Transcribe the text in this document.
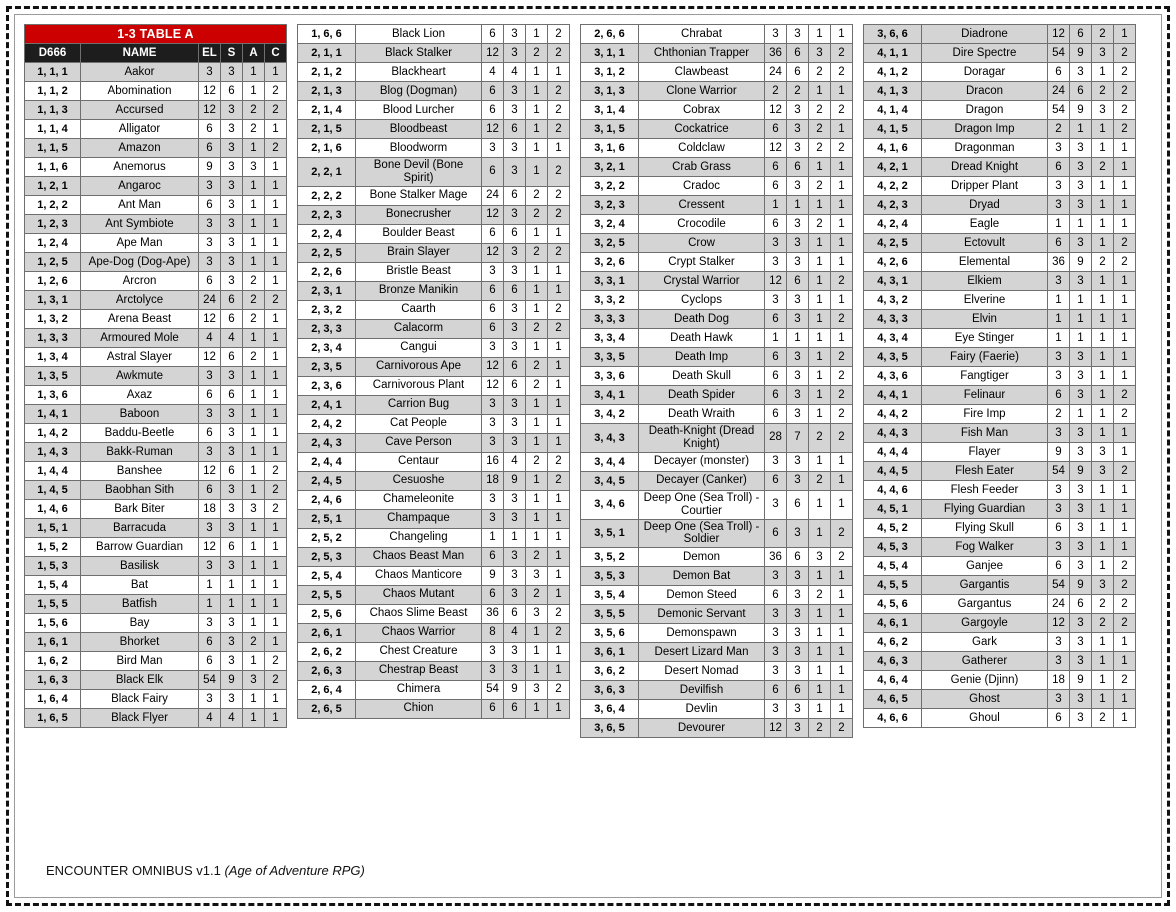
1-3 TABLE A					
D666	NAME	EL	S	A	C
1, 1, 1	Aakor	3	3	1	1
1, 1, 2	Abomination	12	6	1	2
1, 1, 3	Accursed	12	3	2	2
1, 1, 4	Alligator	6	3	2	1
1, 1, 5	Amazon	6	3	1	2
1, 1, 6	Anemorus	9	3	3	1
1, 2, 1	Angaroc	3	3	1	1
1, 2, 2	Ant Man	6	3	1	1
1, 2, 3	Ant Symbiote	3	3	1	1
1, 2, 4	Ape Man	3	3	1	1
1, 2, 5	Ape-Dog (Dog-Ape)	3	3	1	1
1, 2, 6	Arcron	6	3	2	1
1, 3, 1	Arctolyce	24	6	2	2
1, 3, 2	Arena Beast	12	6	2	1
1, 3, 3	Armoured Mole	4	4	1	1
1, 3, 4	Astral Slayer	12	6	2	1
1, 3, 5	Awkmute	3	3	1	1
1, 3, 6	Axaz	6	6	1	1
1, 4, 1	Baboon	3	3	1	1
1, 4, 2	Baddu-Beetle	6	3	1	1
1, 4, 3	Bakk-Ruman	3	3	1	1
1, 4, 4	Banshee	12	6	1	2
1, 4, 5	Baobhan Sith	6	3	1	2
1, 4, 6	Bark Biter	18	3	3	2
1, 5, 1	Barracuda	3	3	1	1
1, 5, 2	Barrow Guardian	12	6	1	1
1, 5, 3	Basilisk	3	3	1	1
1, 5, 4	Bat	1	1	1	1
1, 5, 5	Batfish	1	1	1	1
1, 5, 6	Bay	3	3	1	1
1, 6, 1	Bhorket	6	3	2	1
1, 6, 2	Bird Man	6	3	1	2
1, 6, 3	Black Elk	54	9	3	2
1, 6, 4	Black Fairy	3	3	1	1
1, 6, 5	Black Flyer	4	4	1	1
1, 6, 6	Black Lion	6	3	1	2
2, 1, 1	Black Stalker	12	3	2	2
2, 1, 2	Blackheart	4	4	1	1
2, 1, 3	Blog (Dogman)	6	3	1	2
2, 1, 4	Blood Lurcher	6	3	1	2
2, 1, 5	Bloodbeast	12	6	1	2
2, 1, 6	Bloodworm	3	3	1	1
2, 2, 1	Bone Devil (Bone Spirit)	6	3	1	2
2, 2, 2	Bone Stalker Mage	24	6	2	2
2, 2, 3	Bonecrusher	12	3	2	2
2, 2, 4	Boulder Beast	6	6	1	1
2, 2, 5	Brain Slayer	12	3	2	2
2, 2, 6	Bristle Beast	3	3	1	1
2, 3, 1	Bronze Manikin	6	6	1	1
2, 3, 2	Caarth	6	3	1	2
2, 3, 3	Calacorm	6	3	2	2
2, 3, 4	Cangui	3	3	1	1
2, 3, 5	Carnivorous Ape	12	6	2	1
2, 3, 6	Carnivorous Plant	12	6	2	1
2, 4, 1	Carrion Bug	3	3	1	1
2, 4, 2	Cat People	3	3	1	1
2, 4, 3	Cave Person	3	3	1	1
2, 4, 4	Centaur	16	4	2	2
2, 4, 5	Cesuoshe	18	9	1	2
2, 4, 6	Chameleonite	3	3	1	1
2, 5, 1	Champaque	3	3	1	1
2, 5, 2	Changeling	1	1	1	1
2, 5, 3	Chaos Beast Man	6	3	2	1
2, 5, 4	Chaos Manticore	9	3	3	1
2, 5, 5	Chaos Mutant	6	3	2	1
2, 5, 6	Chaos Slime Beast	36	6	3	2
2, 6, 1	Chaos Warrior	8	4	1	2
2, 6, 2	Chest Creature	3	3	1	1
2, 6, 3	Chestrap Beast	3	3	1	1
2, 6, 4	Chimera	54	9	3	2
2, 6, 5	Chion	6	6	1	1
2, 6, 6	Chrabat	3	3	1	1
3, 1, 1	Chthonian Trapper	36	6	3	2
3, 1, 2	Clawbeast	24	6	2	2
3, 1, 3	Clone Warrior	2	2	1	1
3, 1, 4	Cobrax	12	3	2	2
3, 1, 5	Cockatrice	6	3	2	1
3, 1, 6	Coldclaw	12	3	2	2
3, 2, 1	Crab Grass	6	6	1	1
3, 2, 2	Cradoc	6	3	2	1
3, 2, 3	Cressent	1	1	1	1
3, 2, 4	Crocodile	6	3	2	1
3, 2, 5	Crow	3	3	1	1
3, 2, 6	Crypt Stalker	3	3	1	1
3, 3, 1	Crystal Warrior	12	6	1	2
3, 3, 2	Cyclops	3	3	1	1
3, 3, 3	Death Dog	6	3	1	2
3, 3, 4	Death Hawk	1	1	1	1
3, 3, 5	Death Imp	6	3	1	2
3, 3, 6	Death Skull	6	3	1	2
3, 4, 1	Death Spider	6	3	1	2
3, 4, 2	Death Wraith	6	3	1	2
3, 4, 3	Death-Knight (Dread Knight)	28	7	2	2
3, 4, 4	Decayer (monster)	3	3	1	1
3, 4, 5	Decayer (Canker)	6	3	2	1
3, 4, 6	Deep One (Sea Troll) - Courtier	3	6	1	1
3, 5, 1	Deep One (Sea Troll) - Soldier	6	3	1	2
3, 5, 2	Demon	36	6	3	2
3, 5, 3	Demon Bat	3	3	1	1
3, 5, 4	Demon Steed	6	3	2	1
3, 5, 5	Demonic Servant	3	3	1	1
3, 5, 6	Demonspawn	3	3	1	1
3, 6, 1	Desert Lizard Man	3	3	1	1
3, 6, 2	Desert Nomad	3	3	1	1
3, 6, 3	Devilfish	6	6	1	1
3, 6, 4	Devlin	3	3	1	1
3, 6, 5	Devourer	12	3	2	2
3, 6, 6	Diadrone	12	6	2	1
4, 1, 1	Dire Spectre	54	9	3	2
4, 1, 2	Doragar	6	3	1	2
4, 1, 3	Dracon	24	6	2	2
4, 1, 4	Dragon	54	9	3	2
4, 1, 5	Dragon Imp	2	1	1	2
4, 1, 6	Dragonman	3	3	1	1
4, 2, 1	Dread Knight	6	3	2	1
4, 2, 2	Dripper Plant	3	3	1	1
4, 2, 3	Dryad	3	3	1	1
4, 2, 4	Eagle	1	1	1	1
4, 2, 5	Ectovult	6	3	1	2
4, 2, 6	Elemental	36	9	2	2
4, 3, 1	Elkiem	3	3	1	1
4, 3, 2	Elverine	1	1	1	1
4, 3, 3	Elvin	1	1	1	1
4, 3, 4	Eye Stinger	1	1	1	1
4, 3, 5	Fairy (Faerie)	3	3	1	1
4, 3, 6	Fangtiger	3	3	1	1
4, 4, 1	Felinaur	6	3	1	2
4, 4, 2	Fire Imp	2	1	1	2
4, 4, 3	Fish Man	3	3	1	1
4, 4, 4	Flayer	9	3	3	1
4, 4, 5	Flesh Eater	54	9	3	2
4, 4, 6	Flesh Feeder	3	3	1	1
4, 5, 1	Flying Guardian	3	3	1	1
4, 5, 2	Flying Skull	6	3	1	1
4, 5, 3	Fog Walker	3	3	1	1
4, 5, 4	Ganjee	6	3	1	2
4, 5, 5	Gargantis	54	9	3	2
4, 5, 6	Gargantus	24	6	2	2
4, 6, 1	Gargoyle	12	3	2	2
4, 6, 2	Gark	3	3	1	1
4, 6, 3	Gatherer	3	3	1	1
4, 6, 4	Genie (Djinn)	18	9	1	2
4, 6, 5	Ghost	3	3	1	1
4, 6, 6	Ghoul	6	3	2	1
ENCOUNTER OMNIBUS v1.1 (Age of Adventure RPG)
